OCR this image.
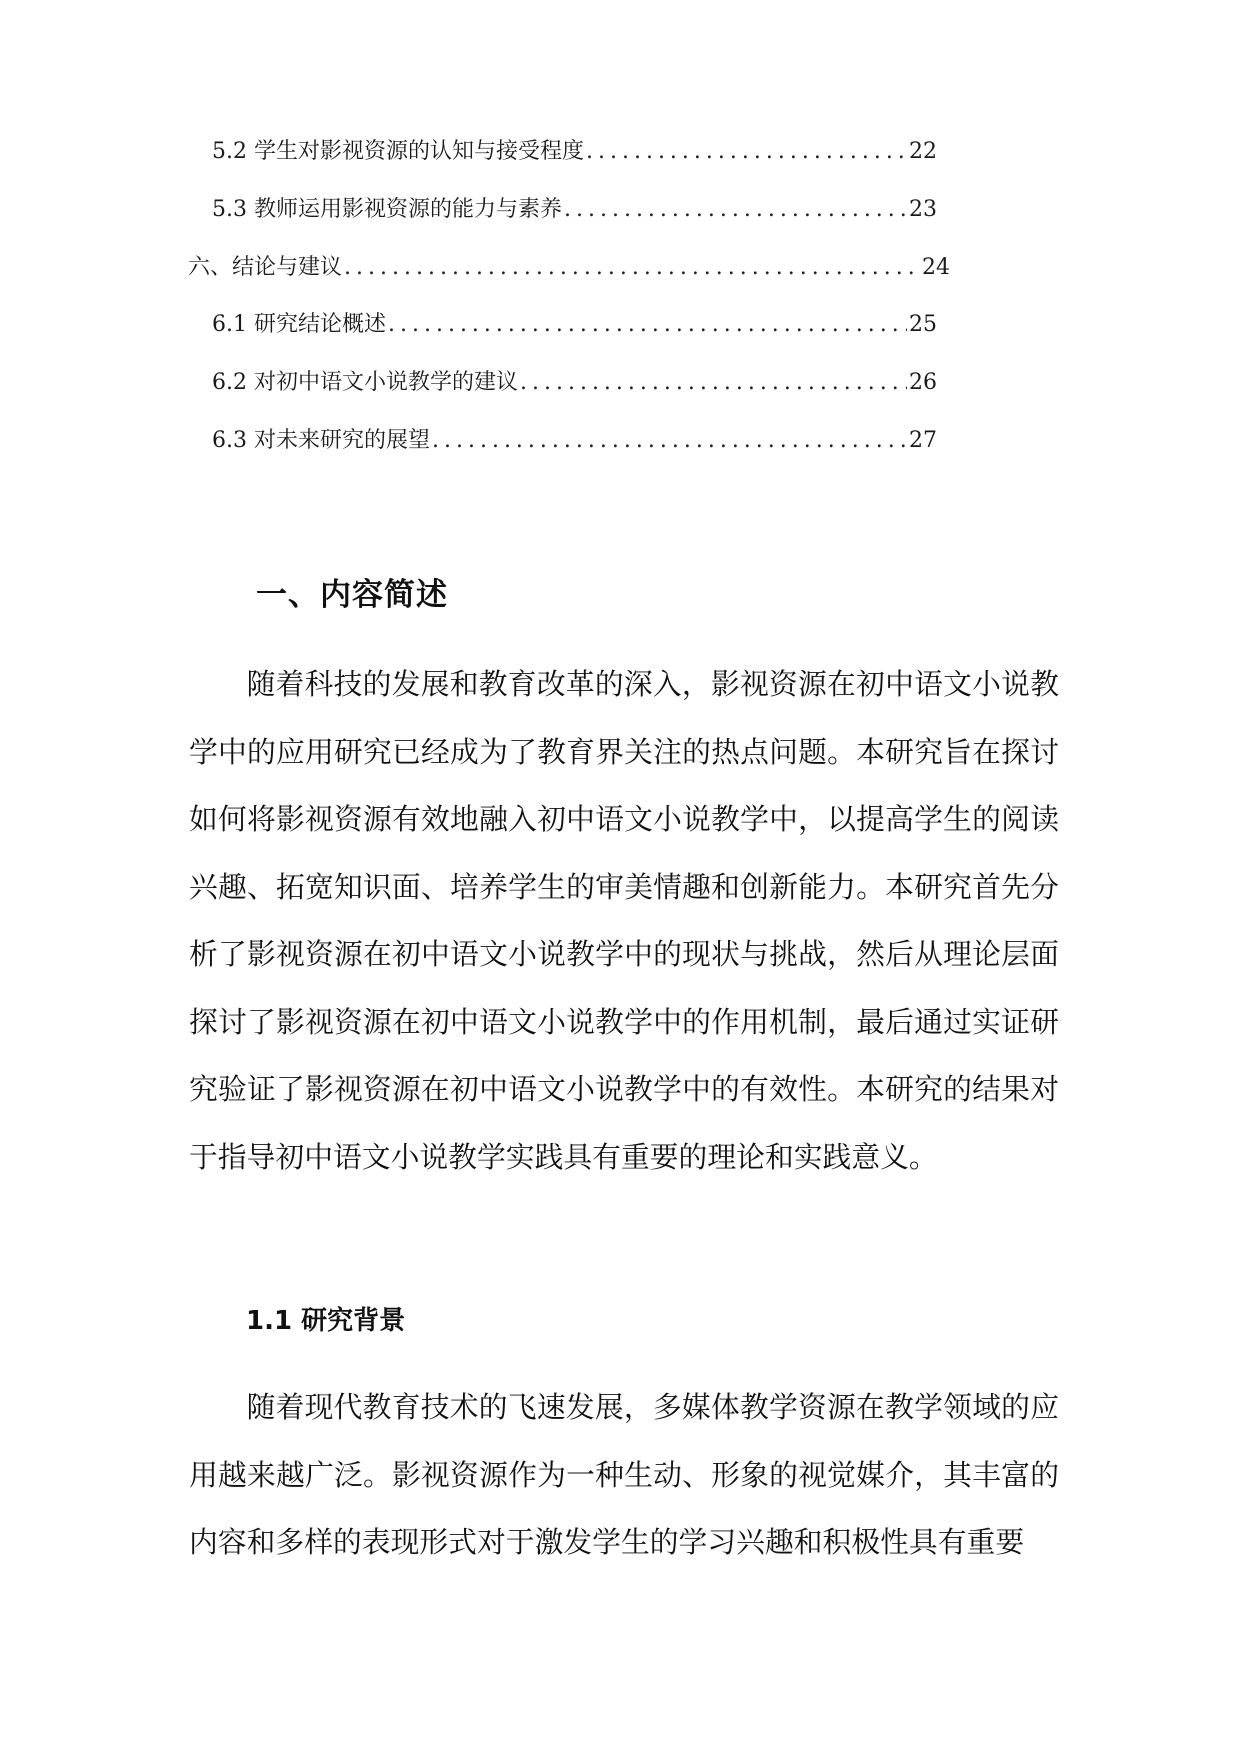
5.2 学生对影视资源的认知与接受程度 .....	22
5.3 教师运用影视资源的能力与素养 .....	23
六、结论与建议 .....	24
6.1 研究结论概述 .....	25
6.2 对初中语文小说教学的建议 .....	26
6.3 对未来研究的展望 .....	27
一、内容简述

随着科技的发展和教育改革的深入，影视资源在初中语文小说教学中的应用研究已经成为了教育界关注的热点问题。本研究旨在探讨如何将影视资源有效地融入初中语文小说教学中，以提高学生的阅读兴趣、拓宽知识面、培养学生的审美情趣和创新能力。本研究首先分析了影视资源在初中语文小说教学中的现状与挑战，然后从理论层面探讨了影视资源在初中语文小说教学中的作用机制，最后通过实证研究验证了影视资源在初中语文小说教学中的有效性。本研究的结果对于指导初中语文小说教学实践具有重要的理论和实践意义。

1.1 研究背景

随着现代教育技术的飞速发展，多媒体教学资源在教学领域的应用越来越广泛。影视资源作为一种生动、形象的视觉媒介，其丰富的内容和多样的表现形式对于激发学生的学习兴趣和积极性具有重要
